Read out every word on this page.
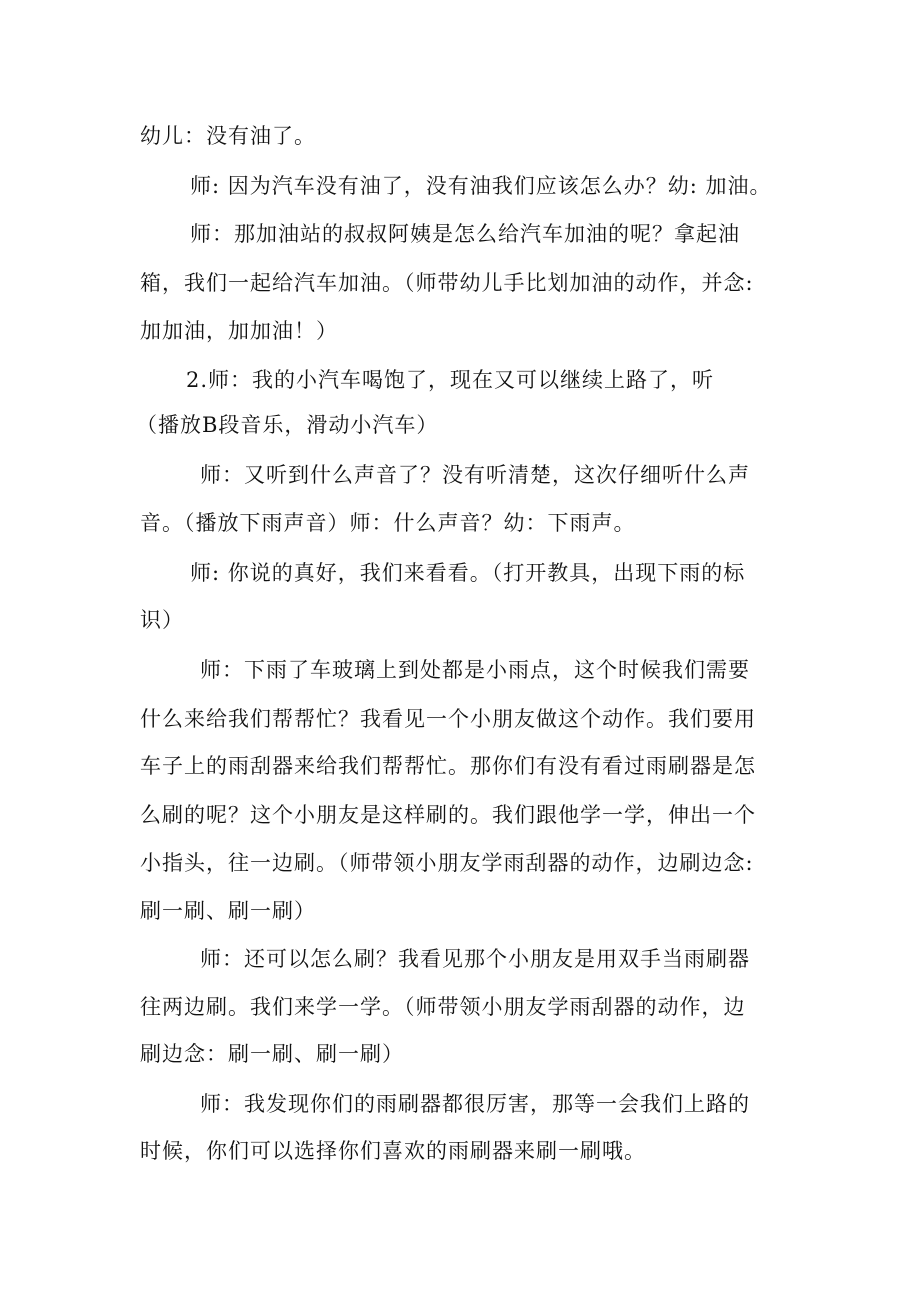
幼儿：没有油了。
师: 因为汽车没有油了，没有油我们应该怎么办？幼: 加油。
师：那加油站的叔叔阿姨是怎么给汽车加油的呢？拿起油
箱，我们一起给汽车加油。（师带幼儿手比划加油的动作，并念:
加加油，加加油！）
2.师：我的小汽车喝饱了，现在又可以继续上路了，听
（播放B段音乐，滑动小汽车）
师：又听到什么声音了？没有听清楚，这次仔细听什么声
音。（播放下雨声音）师：什么声音？幼：下雨声。
师: 你说的真好，我们来看看。（打开教具，出现下雨的标
识）
师：下雨了车玻璃上到处都是小雨点，这个时候我们需要
什么来给我们帮帮忙？我看见一个小朋友做这个动作。我们要用
车子上的雨刮器来给我们帮帮忙。那你们有没有看过雨刷器是怎
么刷的呢？这个小朋友是这样刷的。我们跟他学一学，伸出一个
小指头，往一边刷。（师带领小朋友学雨刮器的动作，边刷边念:
刷一刷、刷一刷）
师：还可以怎么刷？我看见那个小朋友是用双手当雨刷器
往两边刷。我们来学一学。（师带领小朋友学雨刮器的动作，边
刷边念：刷一刷、刷一刷）
师：我发现你们的雨刷器都很厉害，那等一会我们上路的
时候，你们可以选择你们喜欢的雨刷器来刷一刷哦。
